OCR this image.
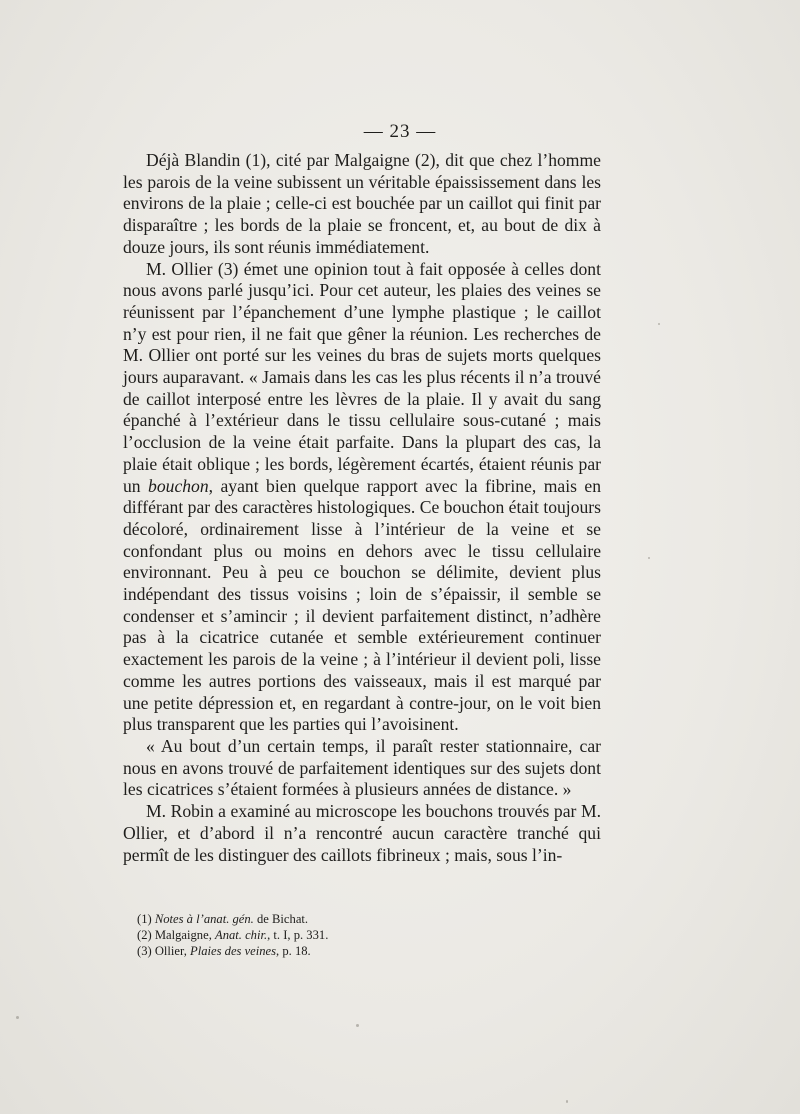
— 23 —

Déjà Blandin (1), cité par Malgaigne (2), dit que chez l’homme les parois de la veine subissent un véritable épaississement dans les environs de la plaie ; celle-ci est bouchée par un caillot qui finit par disparaître ; les bords de la plaie se froncent, et, au bout de dix à douze jours, ils sont réunis immédiatement.

M. Ollier (3) émet une opinion tout à fait opposée à celles dont nous avons parlé jusqu’ici. Pour cet auteur, les plaies des veines se réunissent par l’épanchement d’une lymphe plastique ; le caillot n’y est pour rien, il ne fait que gêner la réunion. Les recherches de M. Ollier ont porté sur les veines du bras de sujets morts quelques jours auparavant. « Jamais dans les cas les plus récents il n’a trouvé de caillot interposé entre les lèvres de la plaie. Il y avait du sang épanché à l’extérieur dans le tissu cellulaire sous-cutané ; mais l’occlusion de la veine était parfaite. Dans la plupart des cas, la plaie était oblique ; les bords, légèrement écartés, étaient réunis par un bouchon, ayant bien quelque rapport avec la fibrine, mais en différant par des caractères histologiques. Ce bouchon était toujours décoloré, ordinairement lisse à l’intérieur de la veine et se confondant plus ou moins en dehors avec le tissu cellulaire environnant. Peu à peu ce bouchon se délimite, devient plus indépendant des tissus voisins ; loin de s’épaissir, il semble se condenser et s’amincir ; il devient parfaitement distinct, n’adhère pas à la cicatrice cutanée et semble extérieurement continuer exactement les parois de la veine ; à l’intérieur il devient poli, lisse comme les autres portions des vaisseaux, mais il est marqué par une petite dépression et, en regardant à contre-jour, on le voit bien plus transparent que les parties qui l’avoisinent.

« Au bout d’un certain temps, il paraît rester stationnaire, car nous en avons trouvé de parfaitement identiques sur des sujets dont les cicatrices s’étaient formées à plusieurs années de distance. »

M. Robin a examiné au microscope les bouchons trouvés par M. Ollier, et d’abord il n’a rencontré aucun caractère tranché qui permît de les distinguer des caillots fibrineux ; mais, sous l’in-

(1) Notes à l’anat. gén. de Bichat.
(2) Malgaigne, Anat. chir., t. I, p. 331.
(3) Ollier, Plaies des veines, p. 18.
